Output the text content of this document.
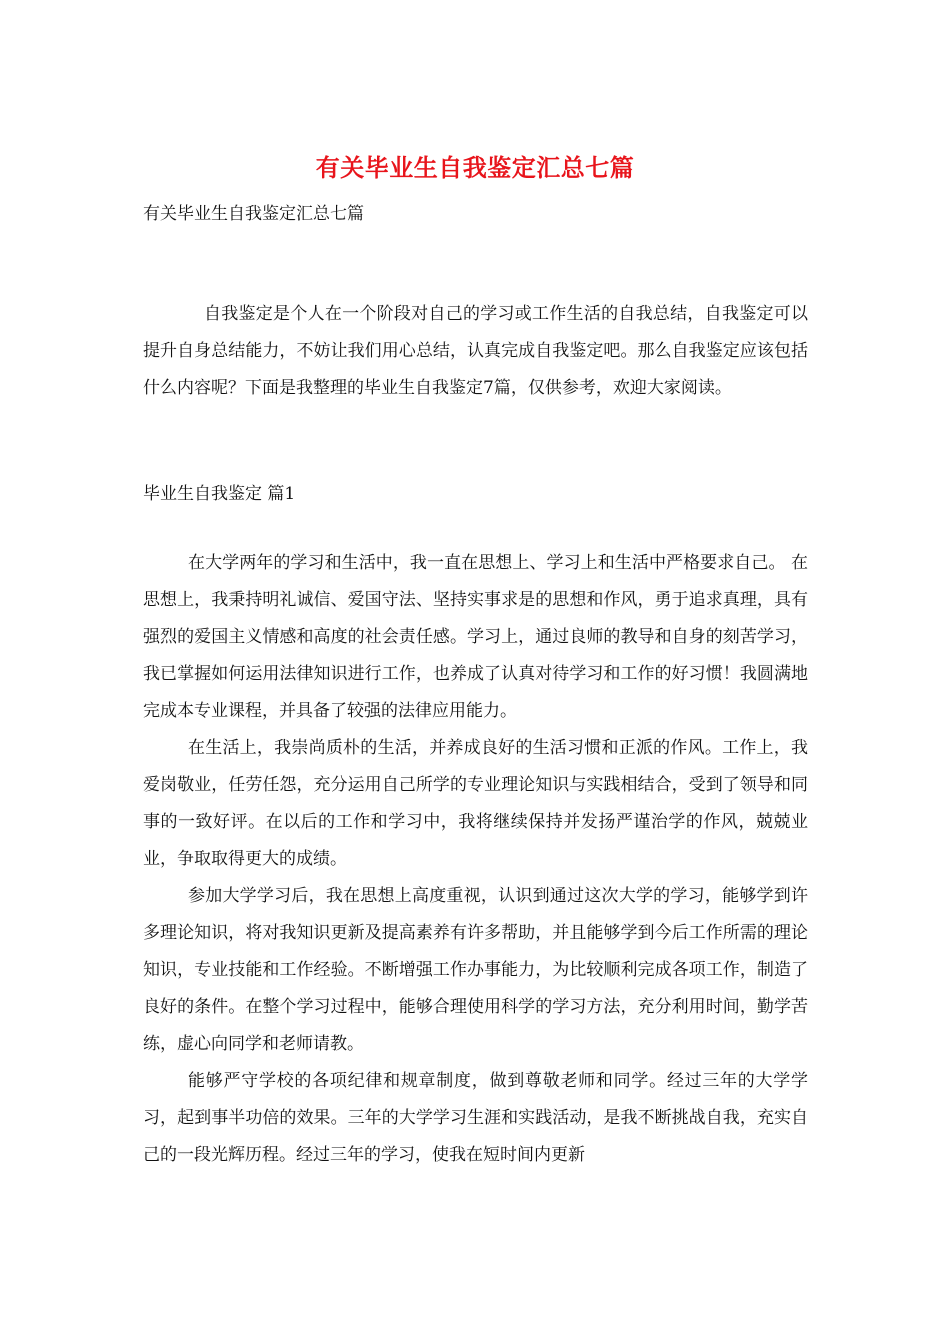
有关毕业生自我鉴定汇总七篇
有关毕业生自我鉴定汇总七篇

自我鉴定是个人在一个阶段对自己的学习或工作生活的自我总结，自我鉴定可以提升自身总结能力，不妨让我们用心总结，认真完成自我鉴定吧。那么自我鉴定应该包括什么内容呢？下面是我整理的毕业生自我鉴定7篇，仅供参考，欢迎大家阅读。

毕业生自我鉴定 篇1

在大学两年的学习和生活中，我一直在思想上、学习上和生活中严格要求自己。 在思想上，我秉持明礼诚信、爱国守法、坚持实事求是的思想和作风，勇于追求真理，具有强烈的爱国主义情感和高度的社会责任感。学习上，通过良师的教导和自身的刻苦学习，我已掌握如何运用法律知识进行工作，也养成了认真对待学习和工作的好习惯！我圆满地完成本专业课程，并具备了较强的法律应用能力。

在生活上，我崇尚质朴的生活，并养成良好的生活习惯和正派的作风。工作上，我爱岗敬业，任劳任怨，充分运用自己所学的专业理论知识与实践相结合，受到了领导和同事的一致好评。在以后的工作和学习中，我将继续保持并发扬严谨治学的作风，兢兢业业，争取取得更大的成绩。

参加大学学习后，我在思想上高度重视，认识到通过这次大学的学习，能够学到许多理论知识，将对我知识更新及提高素养有许多帮助，并且能够学到今后工作所需的理论知识，专业技能和工作经验。不断增强工作办事能力，为比较顺利完成各项工作，制造了良好的条件。在整个学习过程中，能够合理使用科学的学习方法，充分利用时间，勤学苦练，虚心向同学和老师请教。

能够严守学校的各项纪律和规章制度，做到尊敬老师和同学。经过三年的大学学习，起到事半功倍的效果。三年的大学学习生涯和实践活动，是我不断挑战自我，充实自己的一段光辉历程。经过三年的学习，使我在短时间内更新
